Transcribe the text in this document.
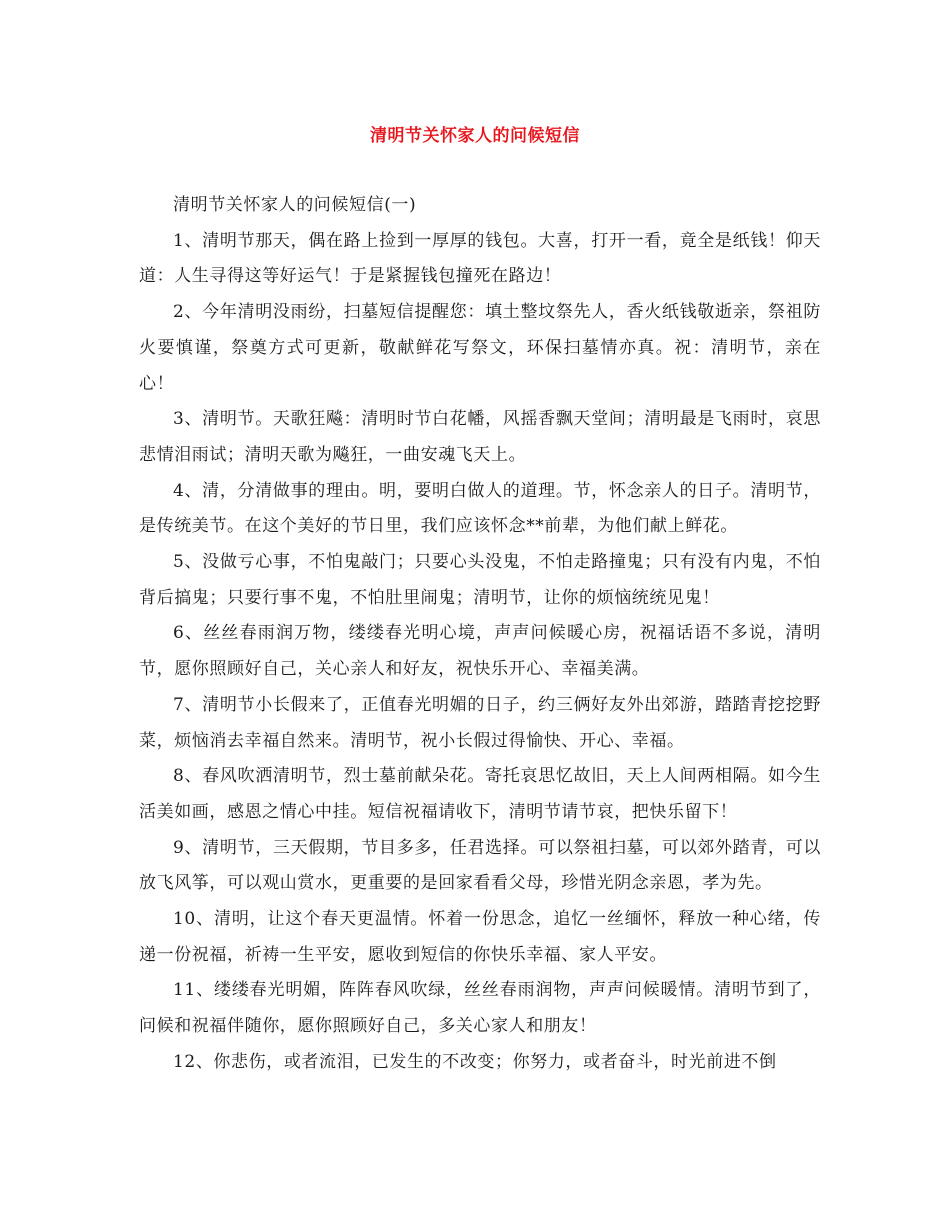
清明节关怀家人的问候短信

清明节关怀家人的问候短信(一)

1、清明节那天，偶在路上捡到一厚厚的钱包。大喜，打开一看，竟全是纸钱！仰天道：人生寻得这等好运气！于是紧握钱包撞死在路边！

2、今年清明没雨纷，扫墓短信提醒您：填土整坟祭先人，香火纸钱敬逝亲，祭祖防火要慎谨，祭奠方式可更新，敬献鲜花写祭文，环保扫墓情亦真。祝：清明节，亲在心！

3、清明节。天歌狂飚：清明时节白花幡，风摇香飘天堂间；清明最是飞雨时，哀思悲情泪雨试；清明天歌为飚狂，一曲安魂飞天上。

4、清，分清做事的理由。明，要明白做人的道理。节，怀念亲人的日子。清明节，是传统美节。在这个美好的节日里，我们应该怀念**前辈，为他们献上鲜花。

5、没做亏心事，不怕鬼敲门；只要心头没鬼，不怕走路撞鬼；只有没有内鬼，不怕背后搞鬼；只要行事不鬼，不怕肚里闹鬼；清明节，让你的烦恼统统见鬼！

6、丝丝春雨润万物，缕缕春光明心境，声声问候暖心房，祝福话语不多说，清明节，愿你照顾好自己，关心亲人和好友，祝快乐开心、幸福美满。

7、清明节小长假来了，正值春光明媚的日子，约三俩好友外出郊游，踏踏青挖挖野菜，烦恼消去幸福自然来。清明节，祝小长假过得愉快、开心、幸福。

8、春风吹洒清明节，烈士墓前献朵花。寄托哀思忆故旧，天上人间两相隔。如今生活美如画，感恩之情心中挂。短信祝福请收下，清明节请节哀，把快乐留下！

9、清明节，三天假期，节目多多，任君选择。可以祭祖扫墓，可以郊外踏青，可以放飞风筝，可以观山赏水，更重要的是回家看看父母，珍惜光阴念亲恩，孝为先。

10、清明，让这个春天更温情。怀着一份思念，追忆一丝缅怀，释放一种心绪，传递一份祝福，祈祷一生平安，愿收到短信的你快乐幸福、家人平安。

11、缕缕春光明媚，阵阵春风吹绿，丝丝春雨润物，声声问候暖情。清明节到了，问候和祝福伴随你，愿你照顾好自己，多关心家人和朋友！

12、你悲伤，或者流泪，已发生的不改变；你努力，或者奋斗，时光前进不倒
